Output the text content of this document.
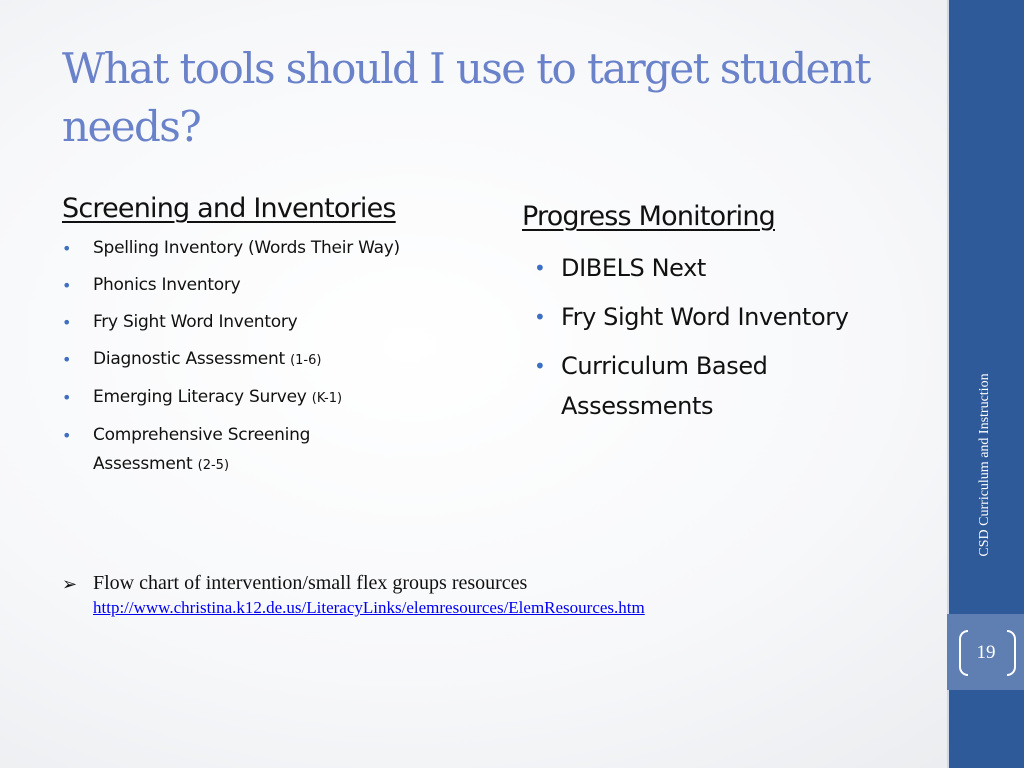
What tools should I use to target student needs?
Screening and Inventories
• Spelling Inventory (Words Their Way)
• Phonics Inventory
• Fry Sight Word Inventory
• Diagnostic Assessment (1-6)
• Emerging Literacy Survey (K-1)
• Comprehensive Screening Assessment (2-5)
Progress Monitoring
• DIBELS Next
• Fry Sight Word Inventory
• Curriculum Based Assessments
➢ Flow chart of intervention/small flex groups resources
http://www.christina.k12.de.us/LiteracyLinks/elemresources/ElemResources.htm
CSD Curriculum and Instruction
19
